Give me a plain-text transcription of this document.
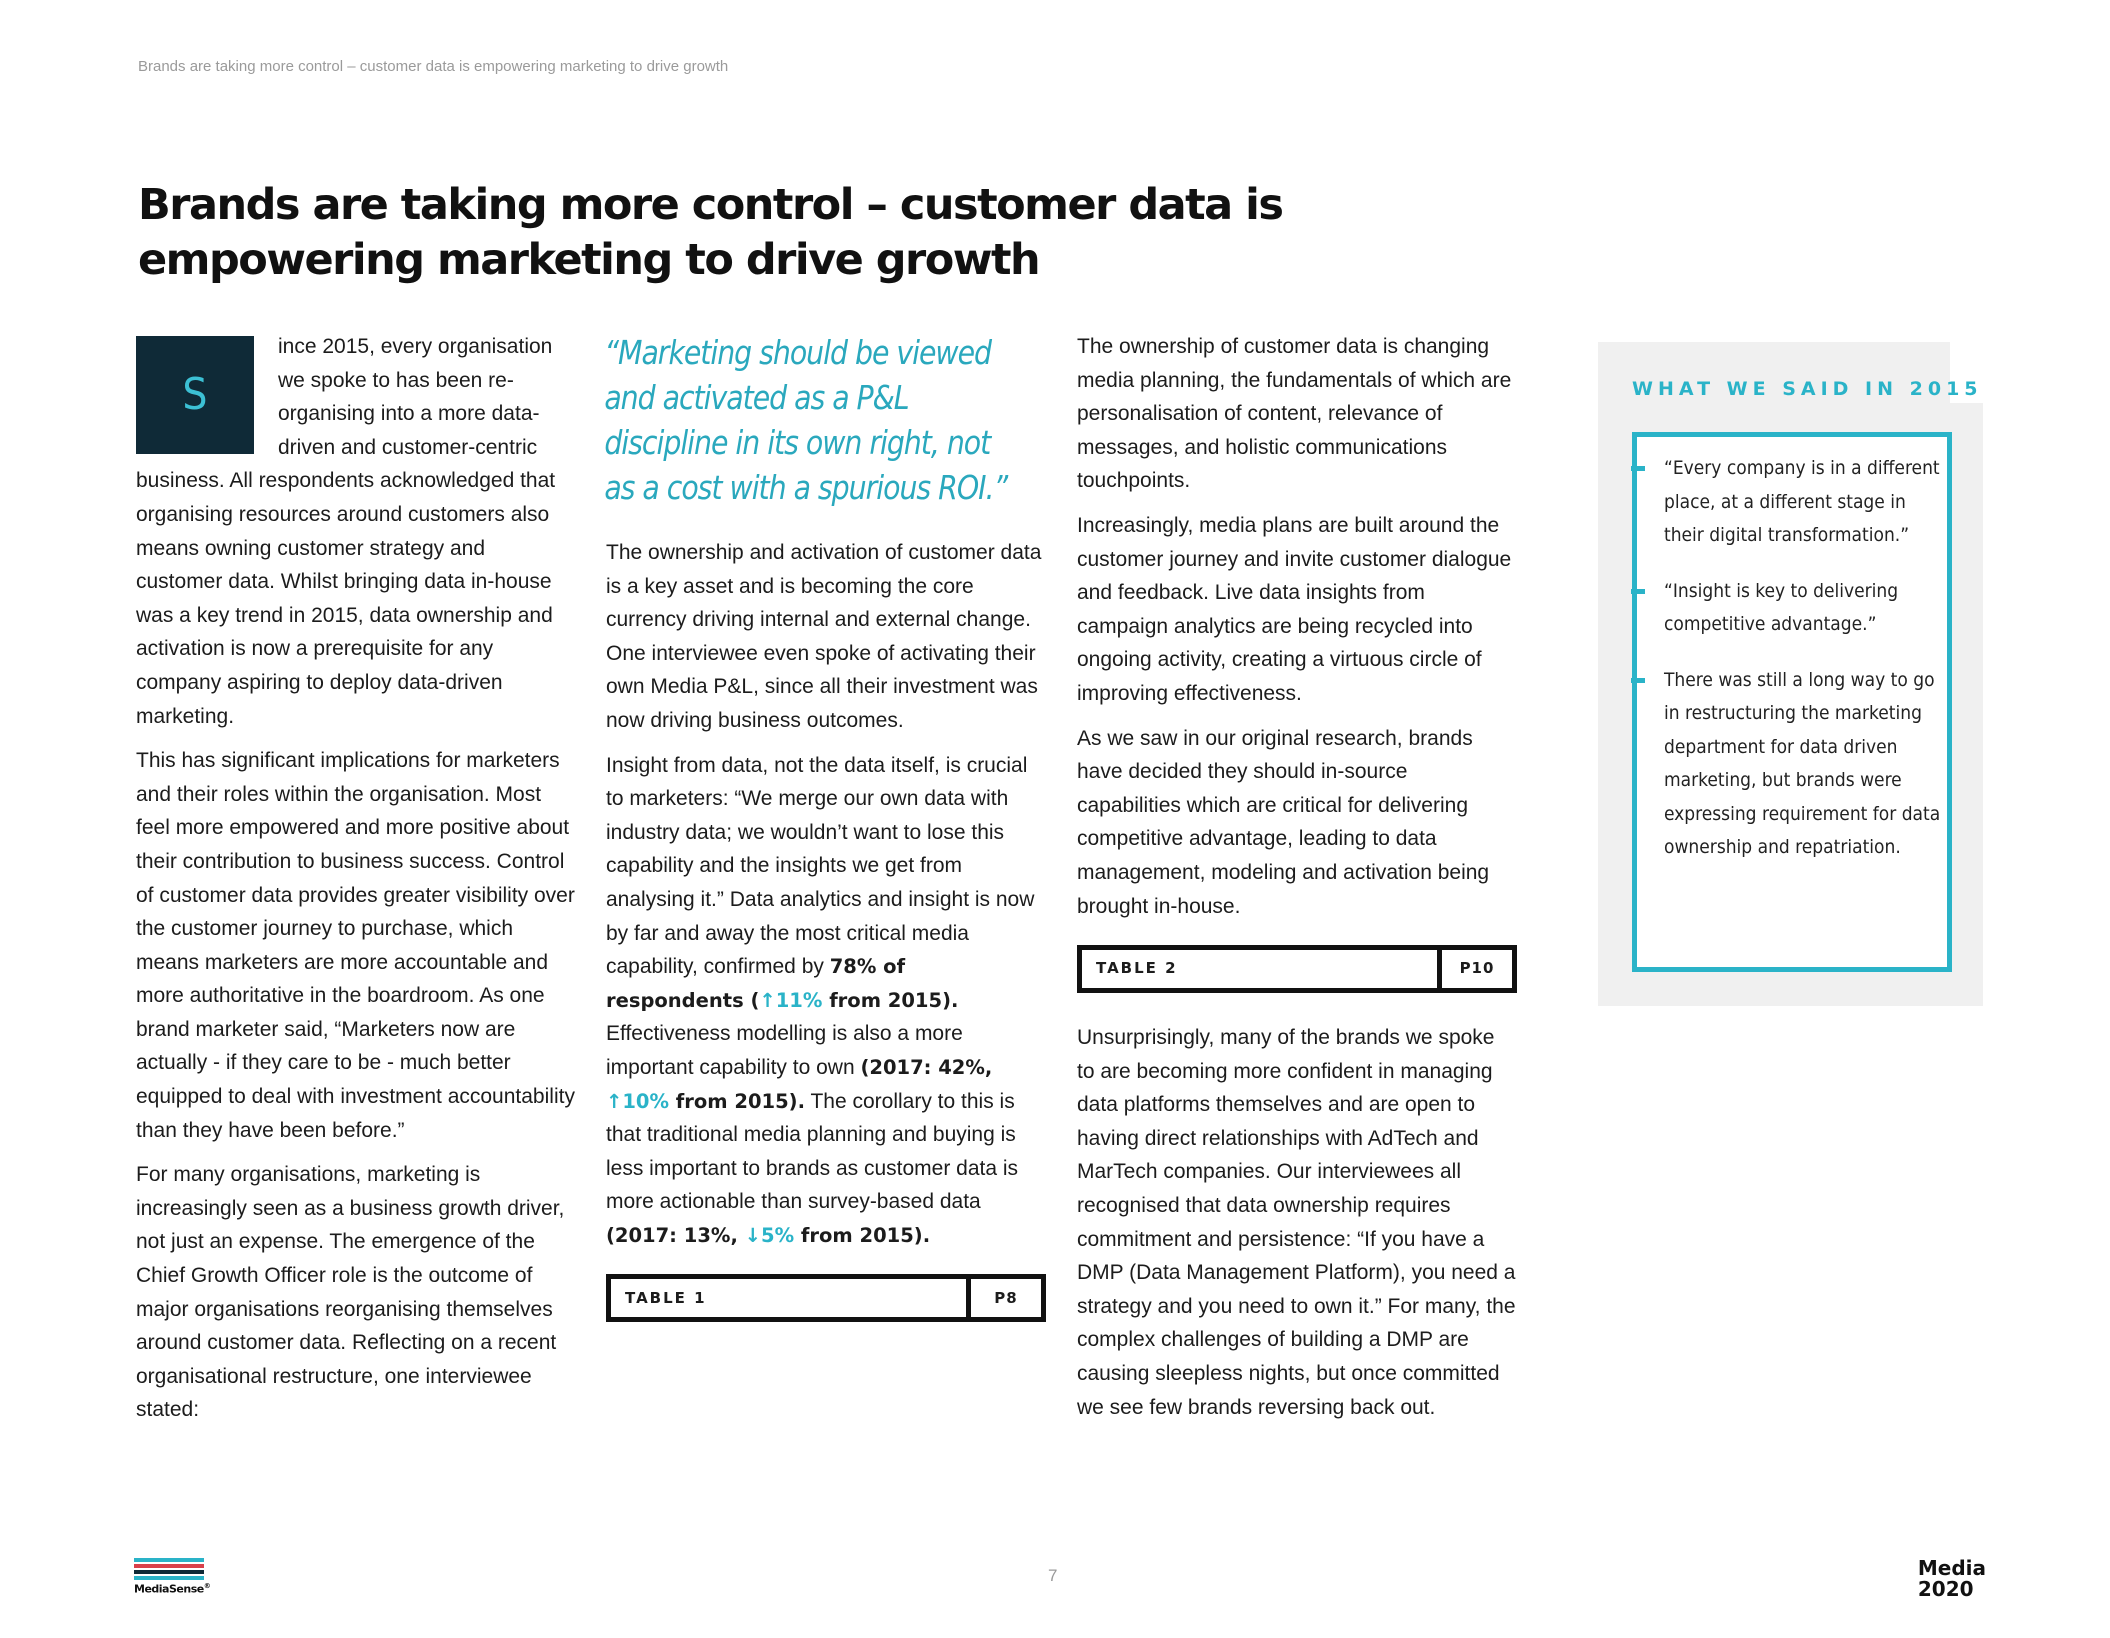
Brands are taking more control – customer data is empowering marketing to drive growth
Brands are taking more control – customer data is empowering marketing to drive growth

S
ince 2015, every organisation we spoke to has been re-organising into a more data-driven and customer-centric business. All respondents acknowledged that organising resources around customers also means owning customer strategy and customer data. Whilst bringing data in-house was a key trend in 2015, data ownership and activation is now a prerequisite for any company aspiring to deploy data-driven marketing.

This has significant implications for marketers and their roles within the organisation. Most feel more empowered and more positive about their contribution to business success. Control of customer data provides greater visibility over the customer journey to purchase, which means marketers are more accountable and more authoritative in the boardroom. As one brand marketer said, “Marketers now are actually - if they care to be - much better equipped to deal with investment accountability than they have been before.”

For many organisations, marketing is increasingly seen as a business growth driver, not just an expense. The emergence of the Chief Growth Officer role is the outcome of major organisations reorganising themselves around customer data. Reflecting on a recent organisational restructure, one interviewee stated:

“Marketing should be viewed and activated as a P&L discipline in its own right, not as a cost with a spurious ROI.”

The ownership and activation of customer data is a key asset and is becoming the core currency driving internal and external change. One interviewee even spoke of activating their own Media P&L, since all their investment was now driving business outcomes.

Insight from data, not the data itself, is crucial to marketers: “We merge our own data with industry data; we wouldn’t want to lose this capability and the insights we get from analysing it.” Data analytics and insight is now by far and away the most critical media capability, confirmed by 78% of respondents (↑11% from 2015). Effectiveness modelling is also a more important capability to own (2017: 42%, ↑10% from 2015). The corollary to this is that traditional media planning and buying is less important to brands as customer data is more actionable than survey-based data (2017: 13%, ↓5% from 2015).

TABLE 1	P8

The ownership of customer data is changing media planning, the fundamentals of which are personalisation of content, relevance of messages, and holistic communications touchpoints.

Increasingly, media plans are built around the customer journey and invite customer dialogue and feedback. Live data insights from campaign analytics are being recycled into ongoing activity, creating a virtuous circle of improving effectiveness.

As we saw in our original research, brands have decided they should in-source capabilities which are critical for delivering competitive advantage, leading to data management, modeling and activation being brought in-house.

TABLE 2	P10

Unsurprisingly, many of the brands we spoke to are becoming more confident in managing data platforms themselves and are open to having direct relationships with AdTech and MarTech companies. Our interviewees all recognised that data ownership requires commitment and persistence: “If you have a DMP (Data Management Platform), you need a strategy and you need to own it.” For many, the complex challenges of building a DMP are causing sleepless nights, but once committed we see few brands reversing back out.

WHAT WE SAID IN 2015
“Every company is in a different place, at a different stage in their digital transformation.”
“Insight is key to delivering competitive advantage.”
There was still a long way to go in restructuring the marketing department for data driven marketing, but brands were expressing requirement for data ownership and repatriation.
MediaSense®
7	Media
2020
